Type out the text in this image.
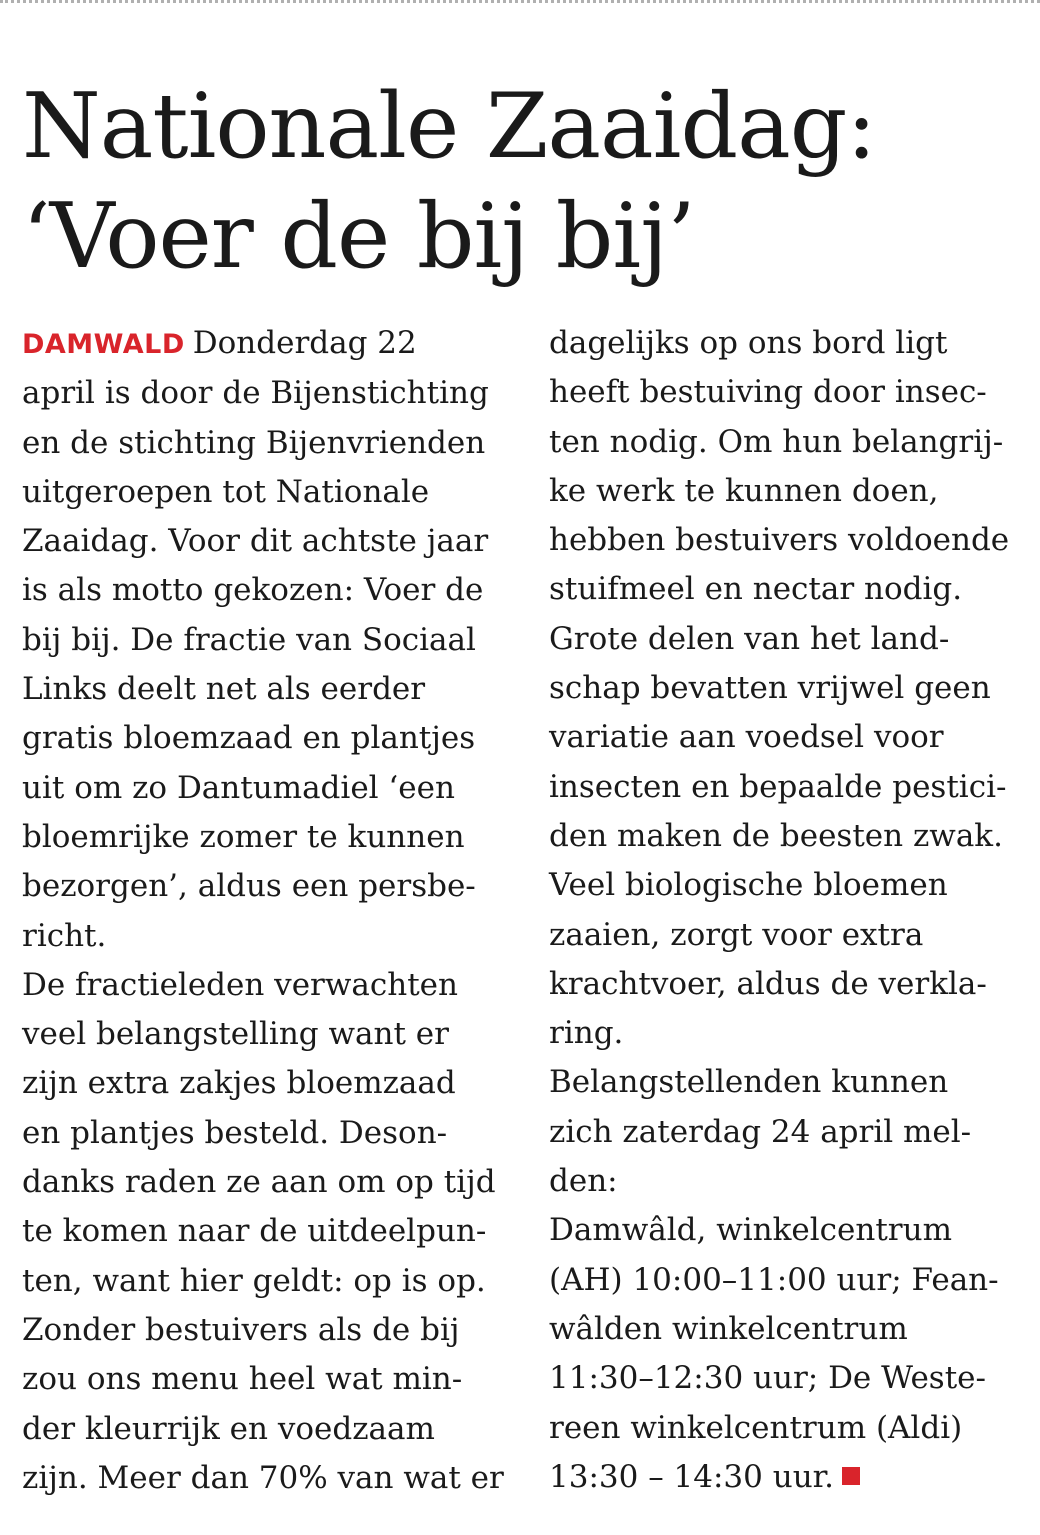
Nationale Zaaidag:
‘Voer de bij bij’
DAMWALD Donderdag 22
april is door de Bijenstichting
en de stichting Bijenvrienden
uitgeroepen tot Nationale
Zaaidag. Voor dit achtste jaar
is als motto gekozen: Voer de
bij bij. De fractie van Sociaal
Links deelt net als eerder
gratis bloemzaad en plantjes
uit om zo Dantumadiel ‘een
bloemrijke zomer te kunnen
bezorgen’, aldus een persbe-
richt.
De fractieleden verwachten
veel belangstelling want er
zijn extra zakjes bloemzaad
en plantjes besteld. Deson-
danks raden ze aan om op tijd
te komen naar de uitdeelpun-
ten, want hier geldt: op is op.
Zonder bestuivers als de bij
zou ons menu heel wat min-
der kleurrijk en voedzaam
zijn. Meer dan 70% van wat er
dagelijks op ons bord ligt
heeft bestuiving door insec-
ten nodig. Om hun belangrij-
ke werk te kunnen doen,
hebben bestuivers voldoende
stuifmeel en nectar nodig.
Grote delen van het land-
schap bevatten vrijwel geen
variatie aan voedsel voor
insecten en bepaalde pestici-
den maken de beesten zwak.
Veel biologische bloemen
zaaien, zorgt voor extra
krachtvoer, aldus de verkla-
ring.
Belangstellenden kunnen
zich zaterdag 24 april mel-
den:
Damwâld, winkelcentrum
(AH) 10:00–11:00 uur; Fean-
wâlden winkelcentrum
11:30–12:30 uur; De Weste-
reen winkelcentrum (Aldi)
13:30 – 14:30 uur.
